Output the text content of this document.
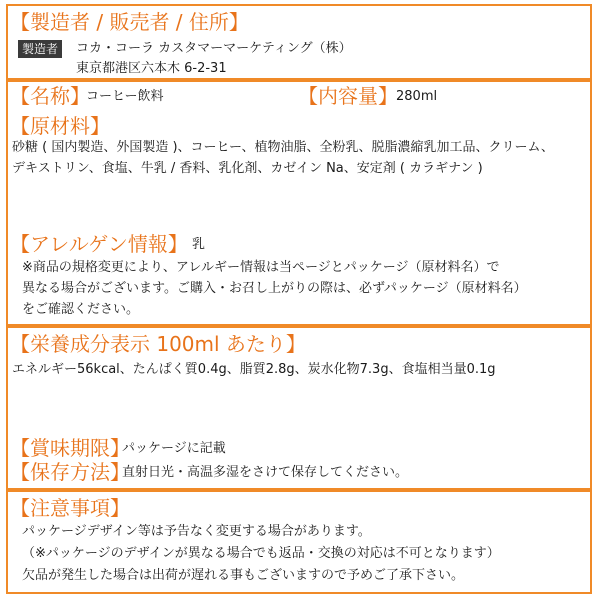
【製造者 / 販売者 / 住所】
製造者	コカ・コーラ カスタマーマーケティング（株）
東京都港区六本木 6-2-31
【名称】
コーヒー飲料	【内容量】
280ml
【原材料】
砂糖 ( 国内製造、外国製造 )、コーヒー、植物油脂、全粉乳、脱脂濃縮乳加工品、クリーム、
デキストリン、食塩、牛乳 / 香料、乳化剤、カゼイン Na、安定剤 ( カラギナン )
【アレルゲン情報】 乳
※商品の規格変更により、アレルギー情報は当ページとパッケージ（原材料名）で
異なる場合がございます。ご購入・お召し上がりの際は、必ずパッケージ（原材料名）
をご確認ください。
【栄養成分表示 100ml あたり】
エネルギー56kcal、たんぱく質0.4g、脂質2.8g、炭水化物7.3g、食塩相当量0.1g
【賞味期限】
パッケージに記載
【保存方法】
直射日光・高温多湿をさけて保存してください。
【注意事項】
パッケージデザイン等は予告なく変更する場合があります。
（※パッケージのデザインが異なる場合でも返品・交換の対応は不可となります）
欠品が発生した場合は出荷が遅れる事もございますので予めご了承下さい。
